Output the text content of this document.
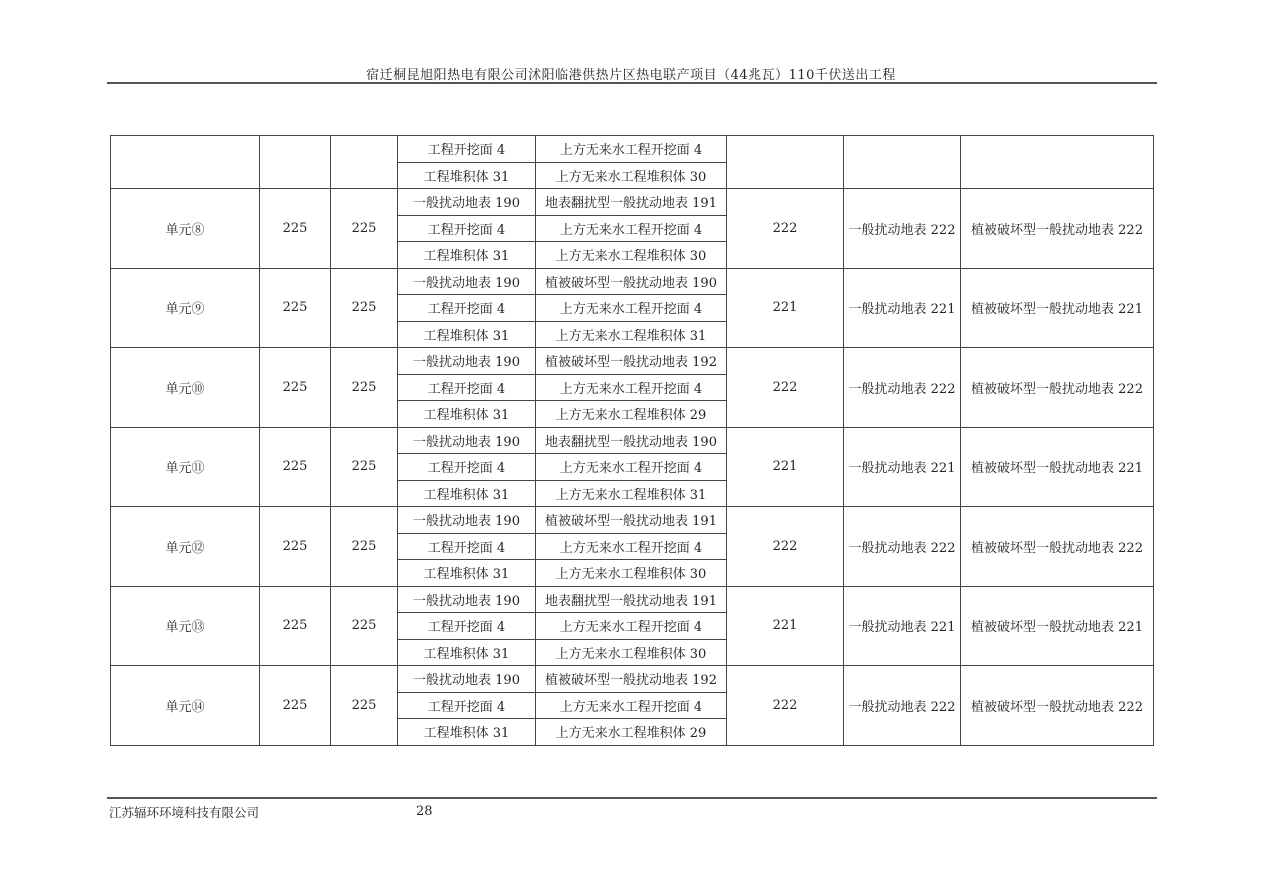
宿迁桐昆旭阳热电有限公司沭阳临港供热片区热电联产项目（44兆瓦）110千伏送出工程
			工程开挖面 4	上方无来水工程开挖面 4			
			工程堆积体 31	上方无来水工程堆积体 30			
单元⑧	225	225	一般扰动地表 190	地表翻扰型一般扰动地表 191	222	一般扰动地表 222	植被破坏型一般扰动地表 222
			工程开挖面 4	上方无来水工程开挖面 4			
			工程堆积体 31	上方无来水工程堆积体 30			
单元⑨	225	225	一般扰动地表 190	植被破坏型一般扰动地表 190	221	一般扰动地表 221	植被破坏型一般扰动地表 221
			工程开挖面 4	上方无来水工程开挖面 4			
			工程堆积体 31	上方无来水工程堆积体 31			
单元⑩	225	225	一般扰动地表 190	植被破坏型一般扰动地表 192	222	一般扰动地表 222	植被破坏型一般扰动地表 222
			工程开挖面 4	上方无来水工程开挖面 4			
			工程堆积体 31	上方无来水工程堆积体 29			
单元⑪	225	225	一般扰动地表 190	地表翻扰型一般扰动地表 190	221	一般扰动地表 221	植被破坏型一般扰动地表 221
			工程开挖面 4	上方无来水工程开挖面 4			
			工程堆积体 31	上方无来水工程堆积体 31			
单元⑫	225	225	一般扰动地表 190	植被破坏型一般扰动地表 191	222	一般扰动地表 222	植被破坏型一般扰动地表 222
			工程开挖面 4	上方无来水工程开挖面 4			
			工程堆积体 31	上方无来水工程堆积体 30			
单元⑬	225	225	一般扰动地表 190	地表翻扰型一般扰动地表 191	221	一般扰动地表 221	植被破坏型一般扰动地表 221
			工程开挖面 4	上方无来水工程开挖面 4			
			工程堆积体 31	上方无来水工程堆积体 30			
单元⑭	225	225	一般扰动地表 190	植被破坏型一般扰动地表 192	222	一般扰动地表 222	植被破坏型一般扰动地表 222
			工程开挖面 4	上方无来水工程开挖面 4			
			工程堆积体 31	上方无来水工程堆积体 29			
江苏辐环环境科技有限公司	28
